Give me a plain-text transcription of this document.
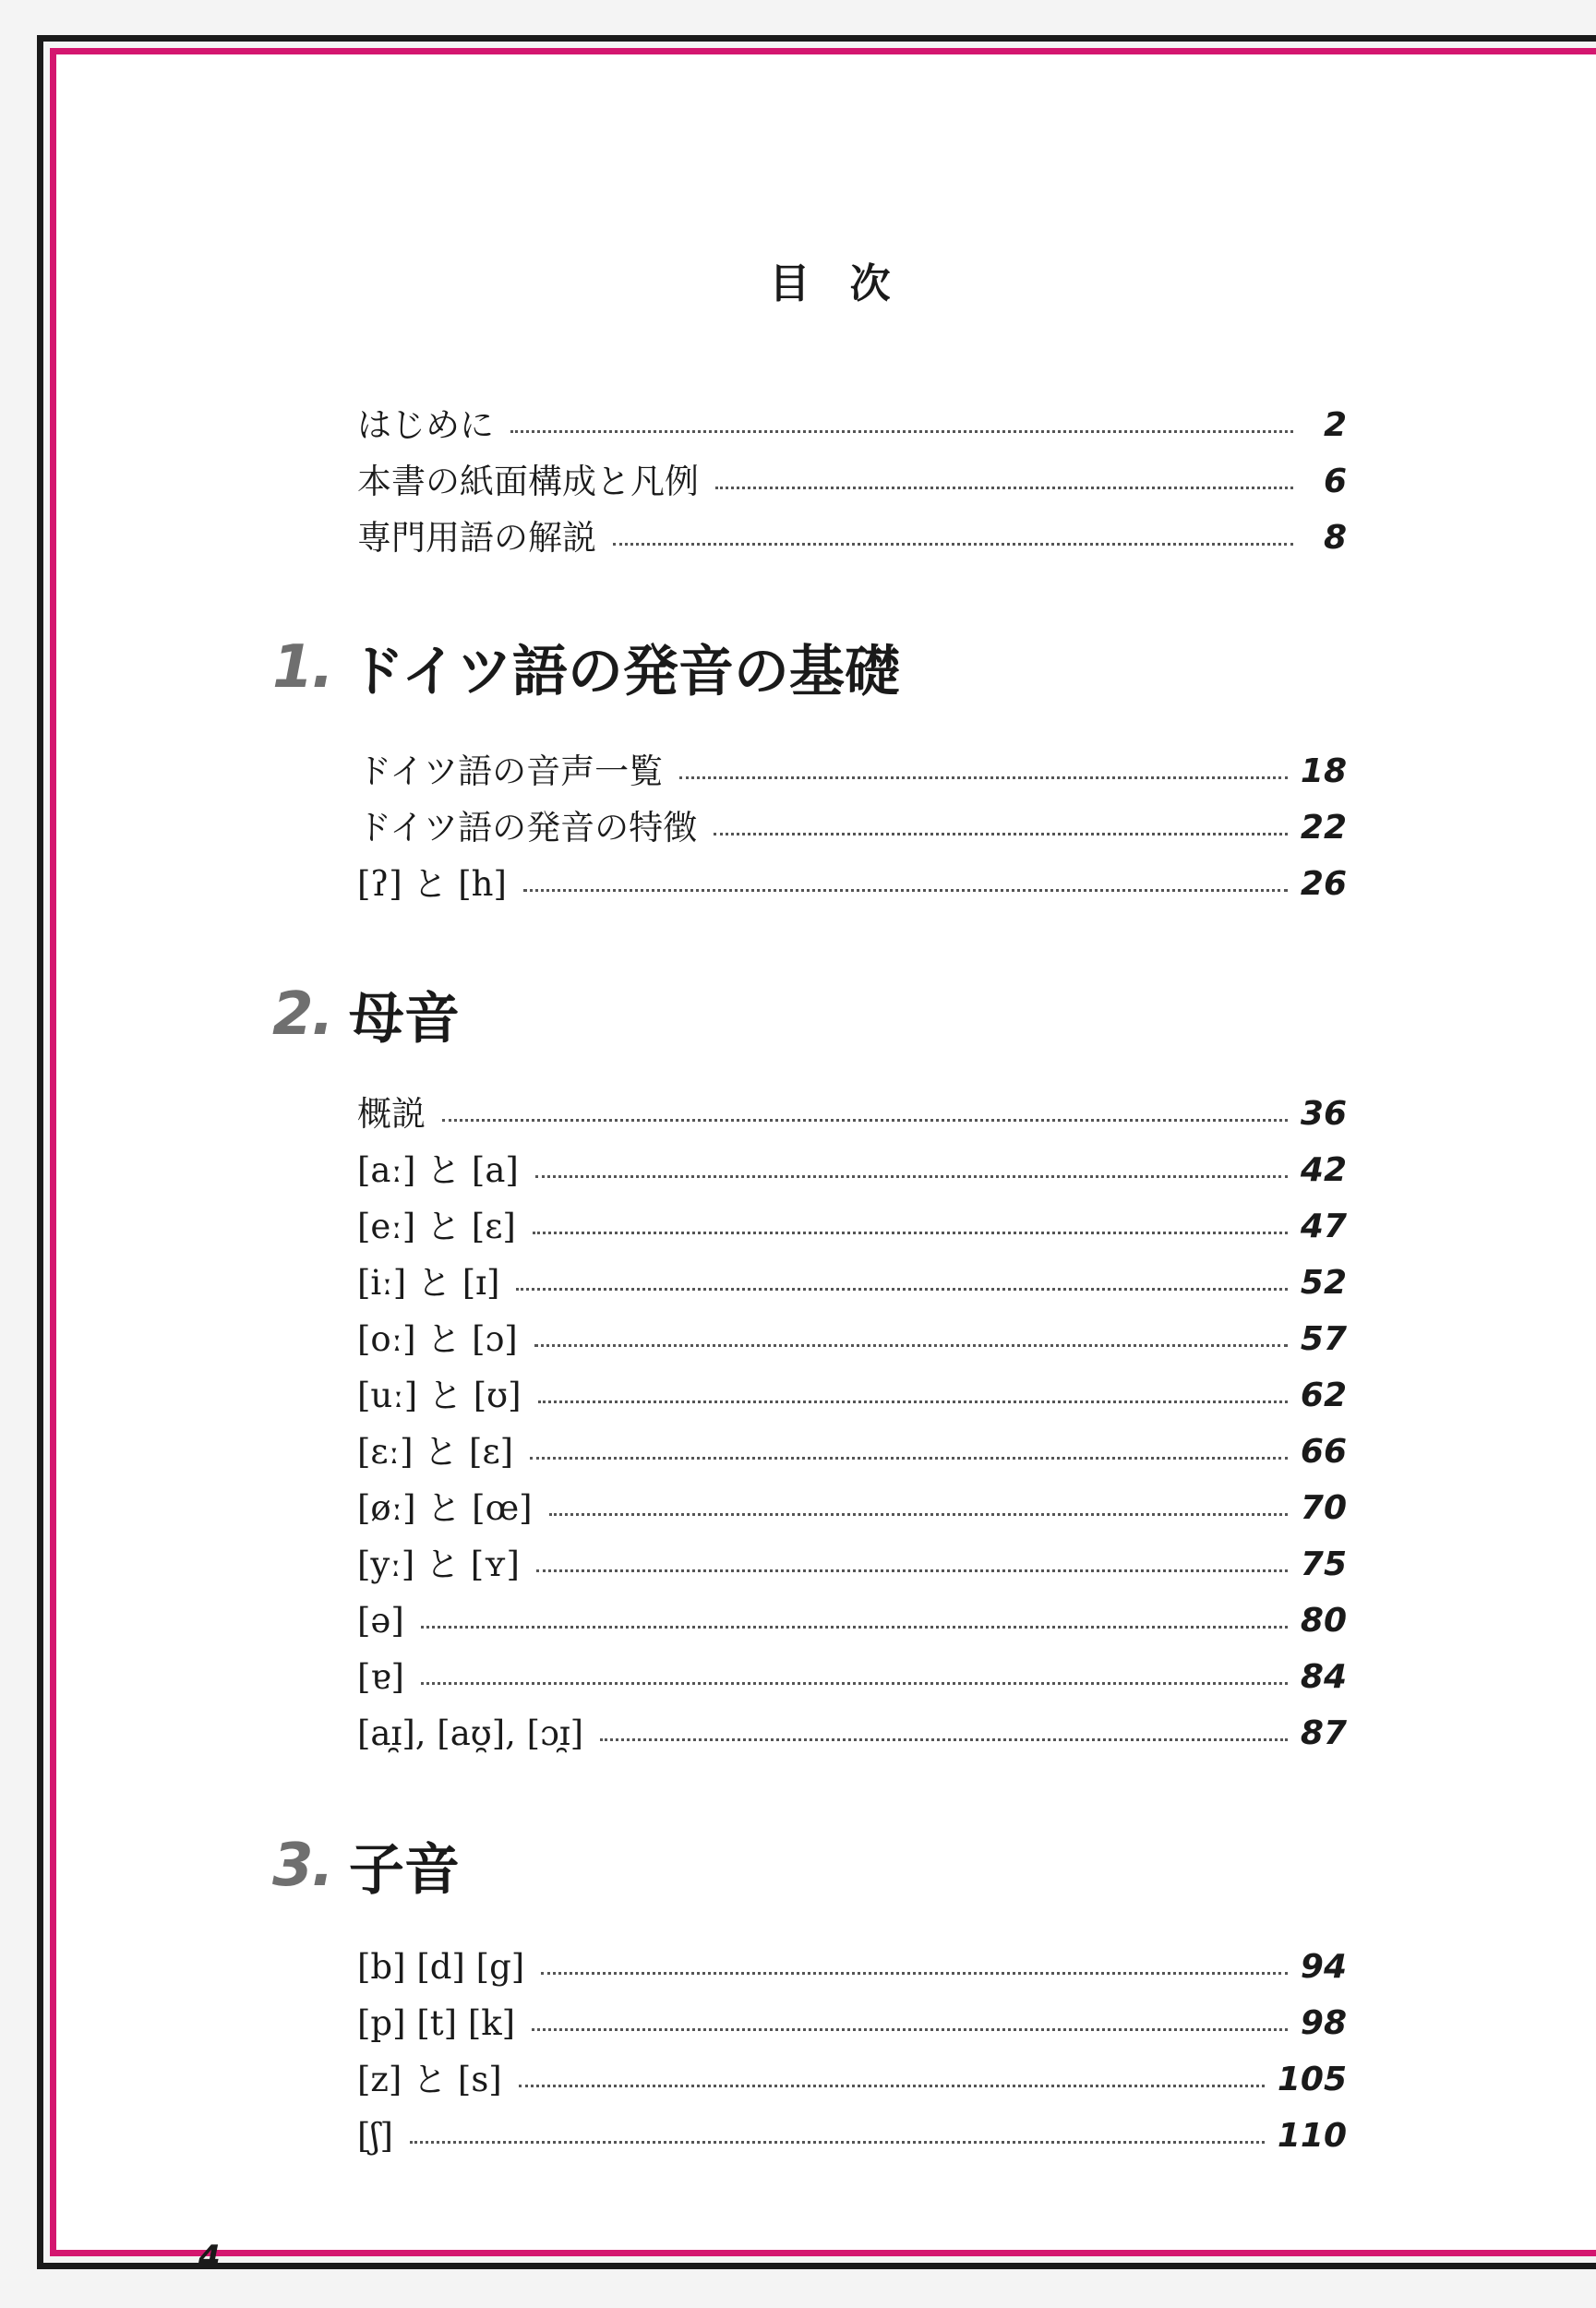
目 次
はじめに	2
本書の紙面構成と凡例	6
専門用語の解説	8
1. ドイツ語の発音の基礎
ドイツ語の音声一覧	18
ドイツ語の発音の特徴	22
[ʔ] と [h]	26
2. 母音
概説	36
[aː] と [a]	42
[eː] と [ɛ]	47
[iː] と [ɪ]	52
[oː] と [ɔ]	57
[uː] と [ʊ]	62
[ɛː] と [ɛ]	66
[øː] と [œ]	70
[yː] と [ʏ]	75
[ə]	80
[ɐ]	84
[aɪ̯], [aʊ̯], [ɔɪ̯]	87
3. 子音
[b] [d] [g]	94
[p] [t] [k]	98
[z] と [s]	105
[ʃ]	110
4
